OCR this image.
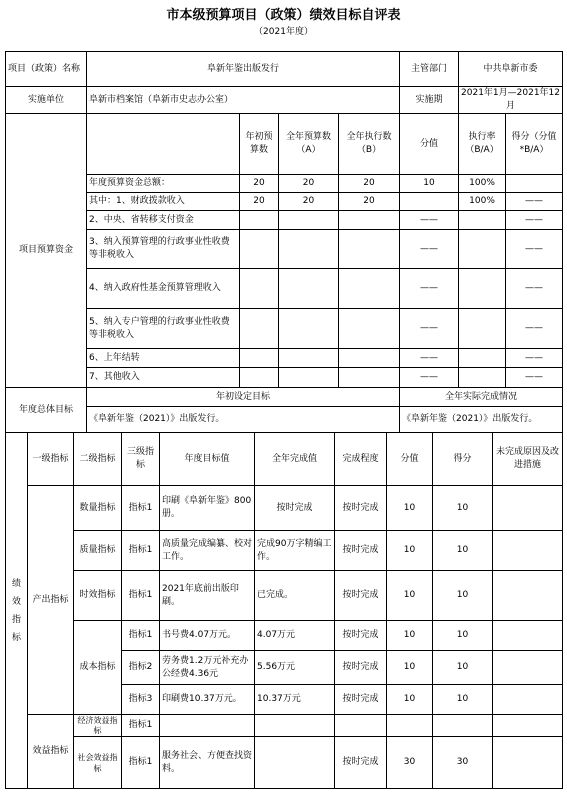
市本级预算项目（政策）绩效目标自评表
（2021年度）
项目（政策）名称	阜新年鉴出版发行				主管部门	中共阜新市委	
实施单位	阜新市档案馆（阜新市史志办公室）				实施期	2021年1月—2021年12月	
项目预算资金		年初预算数	全年预算数（A）	全年执行数（B）	分值	执行率（B/A）	得分（分值*B/A）
	年度预算资金总额：	20	20	20	10	100%	
	其中：1、财政拨款收入	20	20	20		100%	——
	2、中央、省转移支付资金				——		——
	3、纳入预算管理的行政事业性收费等非税收入				——		——
	4、纳入政府性基金预算管理收入				——		——
	5、纳入专户管理的行政事业性收费等非税收入				——		——
	6、上年结转				——		——
	7、其他收入				——		——
年度总体目标	年初设定目标				全年实际完成情况		
	《阜新年鉴（2021）》出版发行。				《阜新年鉴（2021）》出版发行。		
绩效指标	一级指标	二级指标	三级指标	年度目标值	全年完成值	完成程度	分值	得分	未完成原因及改进措施
	产出指标	数量指标	指标1	印刷《阜新年鉴》800册。	按时完成	按时完成	10	10	
		质量指标	指标1	高质量完成编纂、校对工作。	完成90万字精编工作。	按时完成	10	10	
		时效指标	指标1	2021年底前出版印刷。	已完成。	按时完成	10	10	
		成本指标	指标1	书号费4.07万元。	4.07万元	按时完成	10	10	
			指标2	劳务费1.2万元补充办公经费4.36元	5.56万元	按时完成	10	10	
			指标3	印刷费10.37万元。	10.37万元	按时完成	10	10	
	效益指标	经济效益指标	指标1						
		社会效益指标	指标1	服务社会、方便查找资料。		按时完成	30	30	
